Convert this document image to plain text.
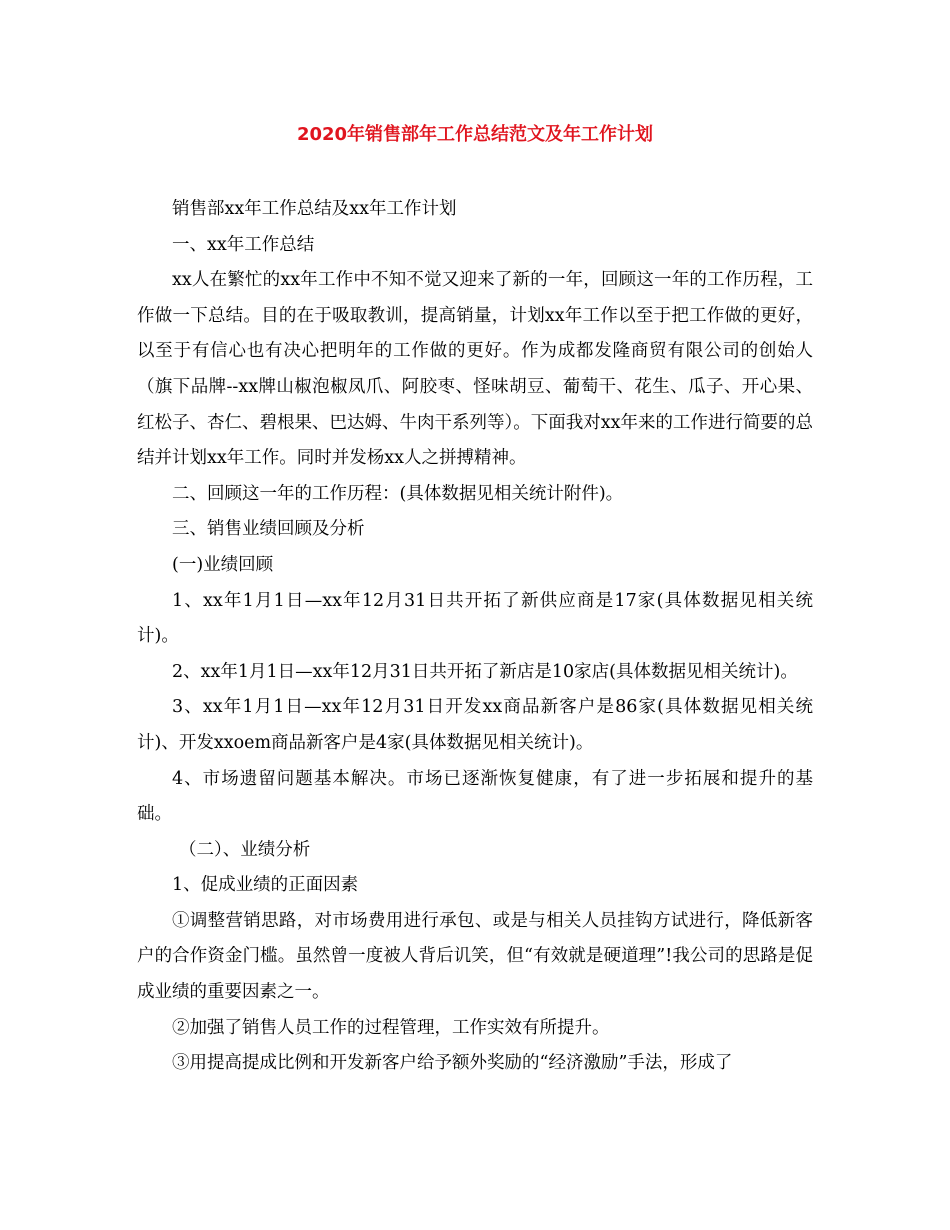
2020年销售部年工作总结范文及年工作计划

销售部xx年工作总结及xx年工作计划

一、xx年工作总结

xx人在繁忙的xx年工作中不知不觉又迎来了新的一年，回顾这一年的工作历程，工作做一下总结。目的在于吸取教训，提高销量，计划xx年工作以至于把工作做的更好，以至于有信心也有决心把明年的工作做的更好。作为成都发隆商贸有限公司的创始人（旗下品牌--xx牌山椒泡椒凤爪、阿胶枣、怪味胡豆、葡萄干、花生、瓜子、开心果、红松子、杏仁、碧根果、巴达姆、牛肉干系列等）。下面我对xx年来的工作进行简要的总结并计划xx年工作。同时并发杨xx人之拼搏精神。

二、回顾这一年的工作历程：(具体数据见相关统计附件)。

三、销售业绩回顾及分析

(一)业绩回顾

1、xx年1月1日—xx年12月31日共开拓了新供应商是17家(具体数据见相关统计)。

2、xx年1月1日—xx年12月31日共开拓了新店是10家店(具体数据见相关统计)。

3、xx年1月1日—xx年12月31日开发xx商品新客户是86家(具体数据见相关统计)、开发xxoem商品新客户是4家(具体数据见相关统计)。

4、市场遗留问题基本解决。市场已逐渐恢复健康，有了进一步拓展和提升的基础。

（二）、业绩分析

1、促成业绩的正面因素

①调整营销思路，对市场费用进行承包、或是与相关人员挂钩方试进行，降低新客户的合作资金门槛。虽然曾一度被人背后讥笑，但“有效就是硬道理”!我公司的思路是促成业绩的重要因素之一。

②加强了销售人员工作的过程管理，工作实效有所提升。

③用提高提成比例和开发新客户给予额外奖励的“经济激励”手法，形成了
